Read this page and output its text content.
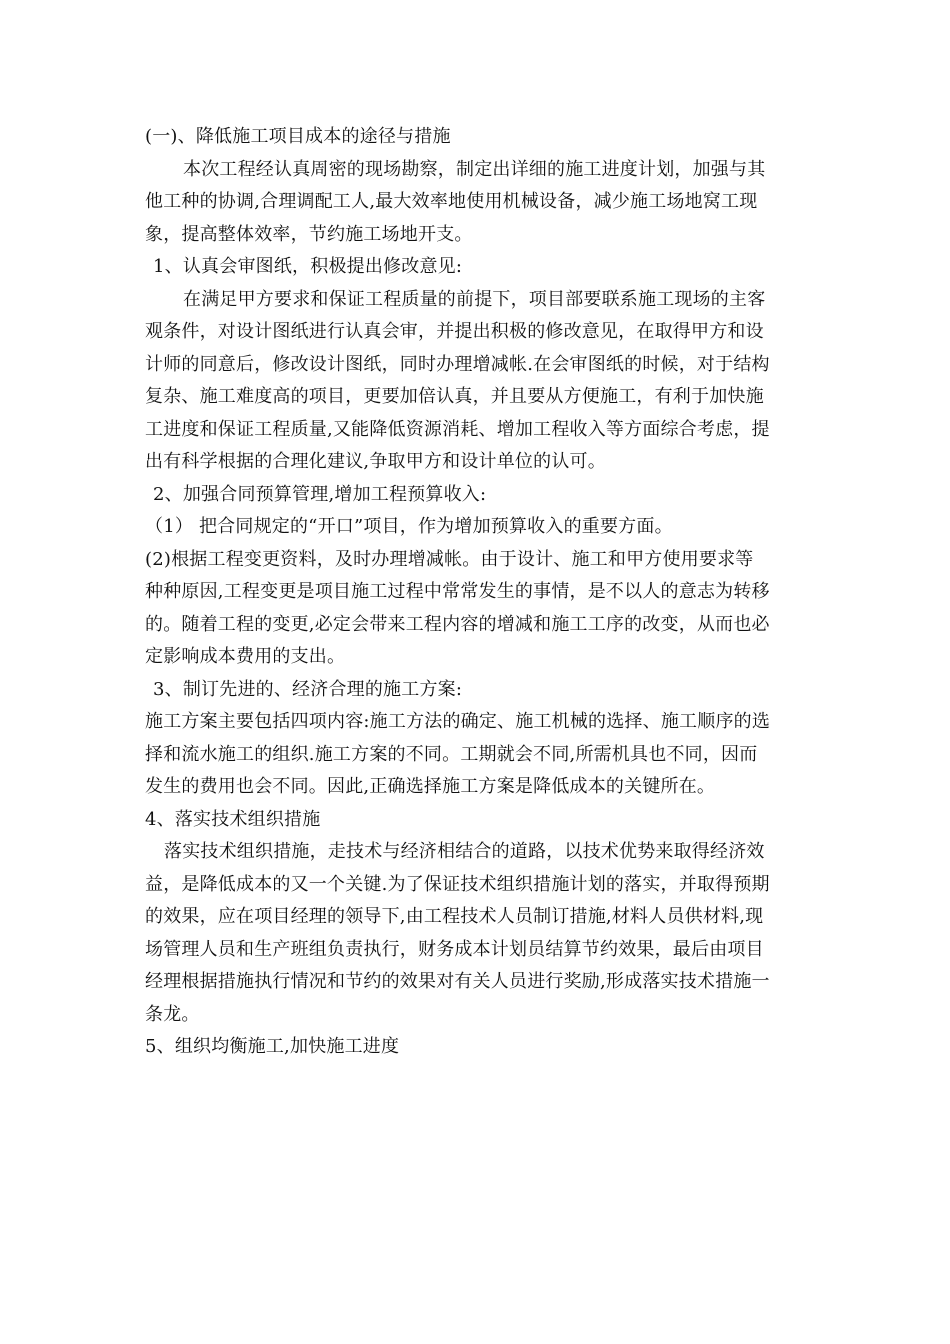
(一)、降低施工项目成本的途径与措施
本次工程经认真周密的现场勘察，制定出详细的施工进度计划，加强与其
他工种的协调,合理调配工人,最大效率地使用机械设备，减少施工场地窝工现
象，提高整体效率，节约施工场地开支。
1、认真会审图纸，积极提出修改意见:
在满足甲方要求和保证工程质量的前提下，项目部要联系施工现场的主客
观条件，对设计图纸进行认真会审，并提出积极的修改意见，在取得甲方和设
计师的同意后，修改设计图纸，同时办理增减帐.在会审图纸的时候，对于结构
复杂、施工难度高的项目，更要加倍认真，并且要从方便施工，有利于加快施
工进度和保证工程质量,又能降低资源消耗、增加工程收入等方面综合考虑，提
出有科学根据的合理化建议,争取甲方和设计单位的认可。
2、加强合同预算管理,增加工程预算收入:
（1） 把合同规定的“开口”项目，作为增加预算收入的重要方面。
(2)根据工程变更资料，及时办理增减帐。由于设计、施工和甲方使用要求等
种种原因,工程变更是项目施工过程中常常发生的事情，是不以人的意志为转移
的。随着工程的变更,必定会带来工程内容的增减和施工工序的改变，从而也必
定影响成本费用的支出。
3、制订先进的、经济合理的施工方案:
施工方案主要包括四项内容:施工方法的确定、施工机械的选择、施工顺序的选
择和流水施工的组织.施工方案的不同。工期就会不同,所需机具也不同，因而
发生的费用也会不同。因此,正确选择施工方案是降低成本的关键所在。
4、落实技术组织措施
落实技术组织措施，走技术与经济相结合的道路，以技术优势来取得经济效
益，是降低成本的又一个关键.为了保证技术组织措施计划的落实，并取得预期
的效果，应在项目经理的领导下,由工程技术人员制订措施,材料人员供材料,现
场管理人员和生产班组负责执行，财务成本计划员结算节约效果，最后由项目
经理根据措施执行情况和节约的效果对有关人员进行奖励,形成落实技术措施一
条龙。
5、组织均衡施工,加快施工进度
